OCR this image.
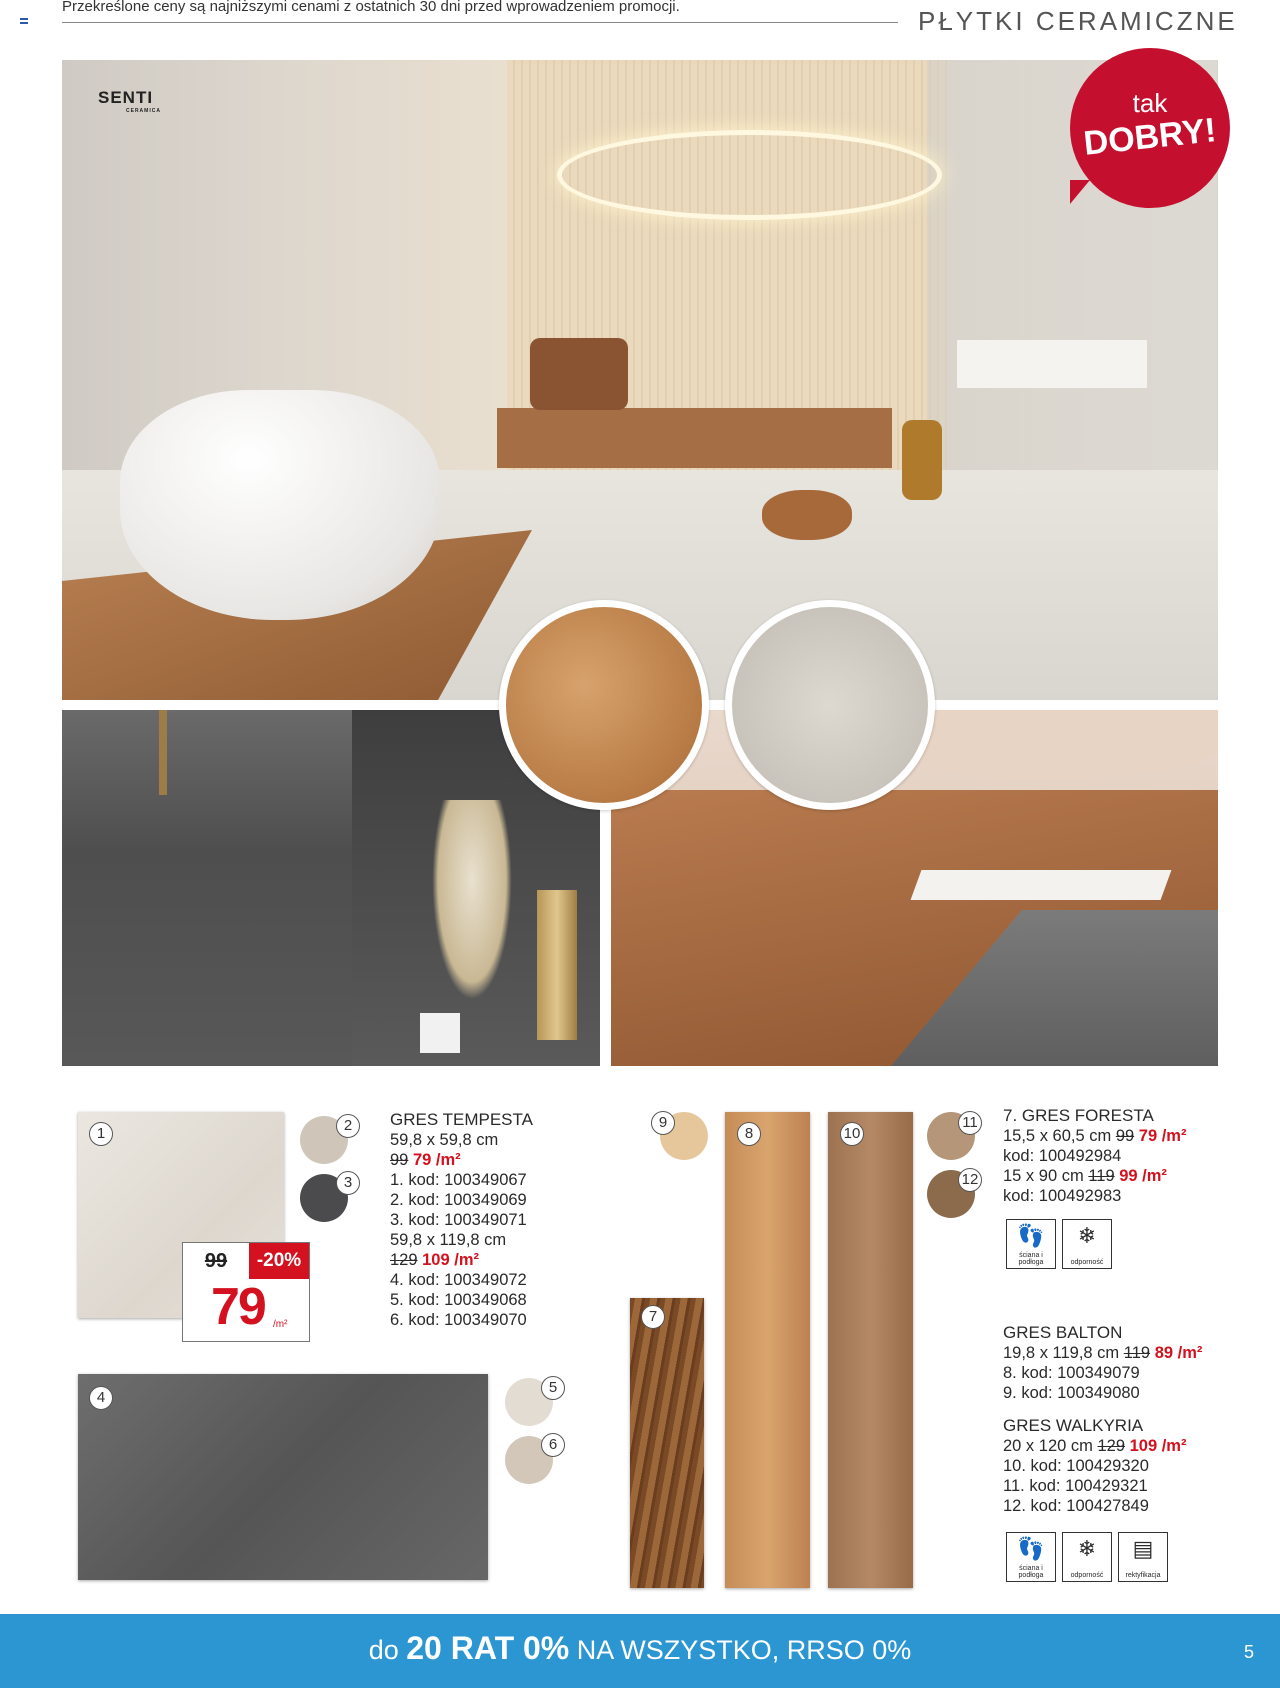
Przekreślone ceny są najniższymi cenami z ostatnich 30 dni przed wprowadzeniem promocji.	PŁYTKI CERAMICZNE
SENTI
CERAMICA	tak
DOBRY!
1	2
3
99	-20%
79 /m²
4
5
6
GRES TEMPESTA
59,8 x 59,8 cm
99 79 /m²
1. kod: 100349067
2. kod: 100349069
3. kod: 100349071
59,8 x 119,8 cm
129 109 /m²
4. kod: 100349072
5. kod: 100349068
6. kod: 100349070
9
7
8	10
11
12
7. GRES FORESTA
15,5 x 60,5 cm 99 79 /m²
kod: 100492984
15 x 90 cm 119 99 /m²
kod: 100492983
👣
ściana i podłoga
❄
odporność
GRES BALTON
19,8 x 119,8 cm 119 89 /m²
8. kod: 100349079
9. kod: 100349080
GRES WALKYRIA
20 x 120 cm 129 109 /m²
10. kod: 100429320
11. kod: 100429321
12. kod: 100427849
👣
ściana i podłoga
❄
odporność
▤
rektyfikacja
do 20 RAT 0% NA WSZYSTKO, RRSO 0%	5
